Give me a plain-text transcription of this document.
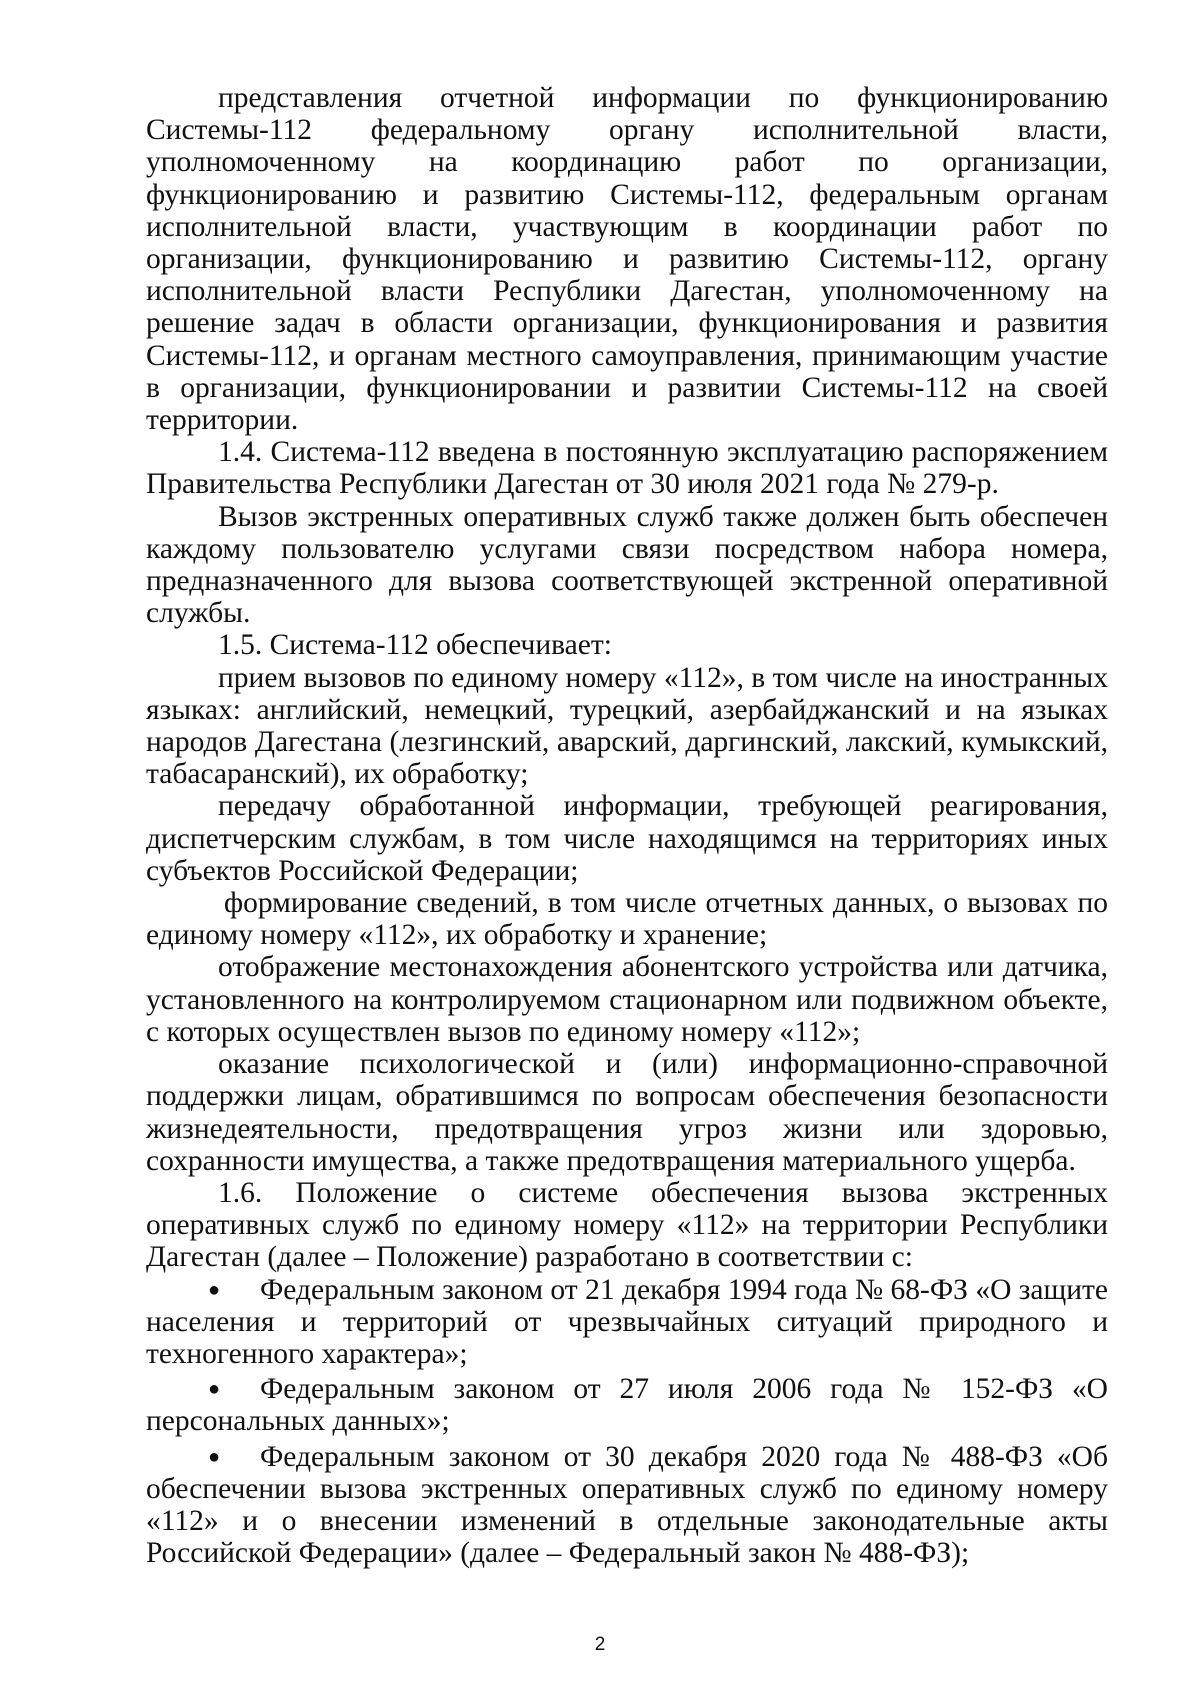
представления отчетной информации по функционированию Системы-112 федеральному органу исполнительной власти, уполномоченному на координацию работ по организации, функционированию и развитию Системы-112, федеральным органам исполнительной власти, участвующим в координации работ по организации, функционированию и развитию Системы-112, органу исполнительной власти Республики Дагестан, уполномоченному на решение задач в области организации, функционирования и развития Системы-112, и органам местного самоуправления, принимающим участие в организации, функционировании и развитии Системы-112 на своей территории.

1.4. Система-112 введена в постоянную эксплуатацию распоряжением Правительства Республики Дагестан от 30 июля 2021 года № 279-р.

Вызов экстренных оперативных служб также должен быть обеспечен каждому пользователю услугами связи посредством набора номера, предназначенного для вызова соответствующей экстренной оперативной службы.

1.5. Система-112 обеспечивает:

прием вызовов по единому номеру «112», в том числе на иностранных языках: английский, немецкий, турецкий, азербайджанский и на языках народов Дагестана (лезгинский, аварский, даргинский, лакский, кумыкский, табасаранский), их обработку;

передачу обработанной информации, требующей реагирования, диспетчерским службам, в том числе находящимся на территориях иных субъектов Российской Федерации;

формирование сведений, в том числе отчетных данных, о вызовах по единому номеру «112», их обработку и хранение;

отображение местонахождения абонентского устройства или датчика, установленного на контролируемом стационарном или подвижном объекте, с которых осуществлен вызов по единому номеру «112»;

оказание психологической и (или) информационно-справочной поддержки лицам, обратившимся по вопросам обеспечения безопасности жизнедеятельности, предотвращения угроз жизни или здоровью, сохранности имущества, а также предотвращения материального ущерба.

1.6. Положение о системе обеспечения вызова экстренных оперативных служб по единому номеру «112» на территории Республики Дагестан (далее – Положение) разработано в соответствии с:

● Федеральным законом от 21 декабря 1994 года № 68-ФЗ «О защите населения и территорий от чрезвычайных ситуаций природного и техногенного характера»;

● Федеральным законом от 27 июля 2006 года № 152-ФЗ «О персональных данных»;

● Федеральным законом от 30 декабря 2020 года № 488-ФЗ «Об обеспечении вызова экстренных оперативных служб по единому номеру «112» и о внесении изменений в отдельные законодательные акты Российской Федерации» (далее – Федеральный закон № 488-ФЗ);

2
